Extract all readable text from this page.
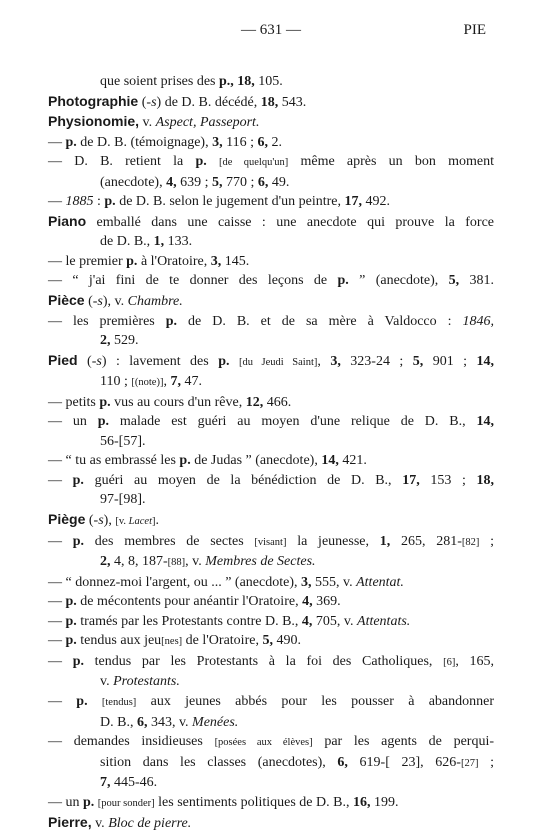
— 631 —	PIE
que soient prises des p., 18, 105.
Photographie (-s) de D. B. décédé, 18, 543.
Physionomie, v. Aspect, Passeport.
— p. de D. B. (témoignage), 3, 116 ; 6, 2.
— D. B. retient la p. [de quelqu'un] même après un bon moment
(anecdote), 4, 639 ; 5, 770 ; 6, 49.
— 1885 : p. de D. B. selon le jugement d'un peintre, 17, 492.
Piano emballé dans une caisse : une anecdote qui prouve la force
de D. B., 1, 133.
— le premier p. à l'Oratoire, 3, 145.
— “ j'ai fini de te donner des leçons de p. ” (anecdote), 5, 381.
Pièce (-s), v. Chambre.
— les premières p. de D. B. et de sa mère à Valdocco : 1846,
2, 529.
Pied (-s) : lavement des p. [du Jeudi Saint], 3, 323-24 ; 5, 901 ; 14,
110 ; [(note)], 7, 47.
— petits p. vus au cours d'un rêve, 12, 466.
— un p. malade est guéri au moyen d'une relique de D. B., 14,
56-[57].
— “ tu as embrassé les p. de Judas ” (anecdote), 14, 421.
— p. guéri au moyen de la bénédiction de D. B., 17, 153 ; 18,
97-[98].
Piège (-s), [v. Lacet].
— p. des membres de sectes [visant] la jeunesse, 1, 265, 281-[82] ;
2, 4, 8, 187-[88], v. Membres de Sectes.
— “ donnez-moi l'argent, ou ... ” (anecdote), 3, 555, v. Attentat.
— p. de mécontents pour anéantir l'Oratoire, 4, 369.
— p. tramés par les Protestants contre D. B., 4, 705, v. Attentats.
— p. tendus aux jeu[nes] de l'Oratoire, 5, 490.
— p. tendus par les Protestants à la foi des Catholiques, [6], 165,
v. Protestants.
— p. [tendus] aux jeunes abbés pour les pousser à abandonner
D. B., 6, 343, v. Menées.
— demandes insidieuses [posées aux élèves] par les agents de perqui-
sition dans les classes (anecdotes), 6, 619-[ 23], 626-[27] ;
7, 445-46.
— un p. [pour sonder] les sentiments politiques de D. B., 16, 199.
Pierre, v. Bloc de pierre.
